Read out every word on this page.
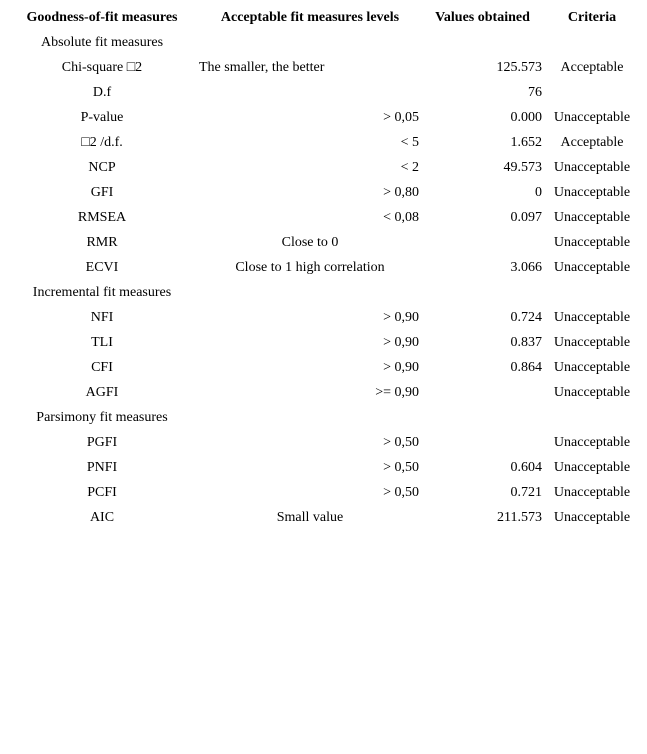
Goodness-of-fit measures	Acceptable fit measures levels	Values obtained	Criteria
Absolute fit measures			
Chi-square □2	The smaller, the better	125.573	Acceptable
D.f		76	
P-value	> 0,05	0.000	Unacceptable
□2 /d.f.	< 5	1.652	Acceptable
NCP	< 2	49.573	Unacceptable
GFI	> 0,80	0	Unacceptable
RMSEA	< 0,08	0.097	Unacceptable
RMR	Close to 0		Unacceptable
ECVI	Close to 1 high correlation	3.066	Unacceptable
Incremental fit measures			
NFI	> 0,90	0.724	Unacceptable
TLI	> 0,90	0.837	Unacceptable
CFI	> 0,90	0.864	Unacceptable
AGFI	>= 0,90		Unacceptable
Parsimony fit measures			
PGFI	> 0,50		Unacceptable
PNFI	> 0,50	0.604	Unacceptable
PCFI	> 0,50	0.721	Unacceptable
AIC	Small value	211.573	Unacceptable
